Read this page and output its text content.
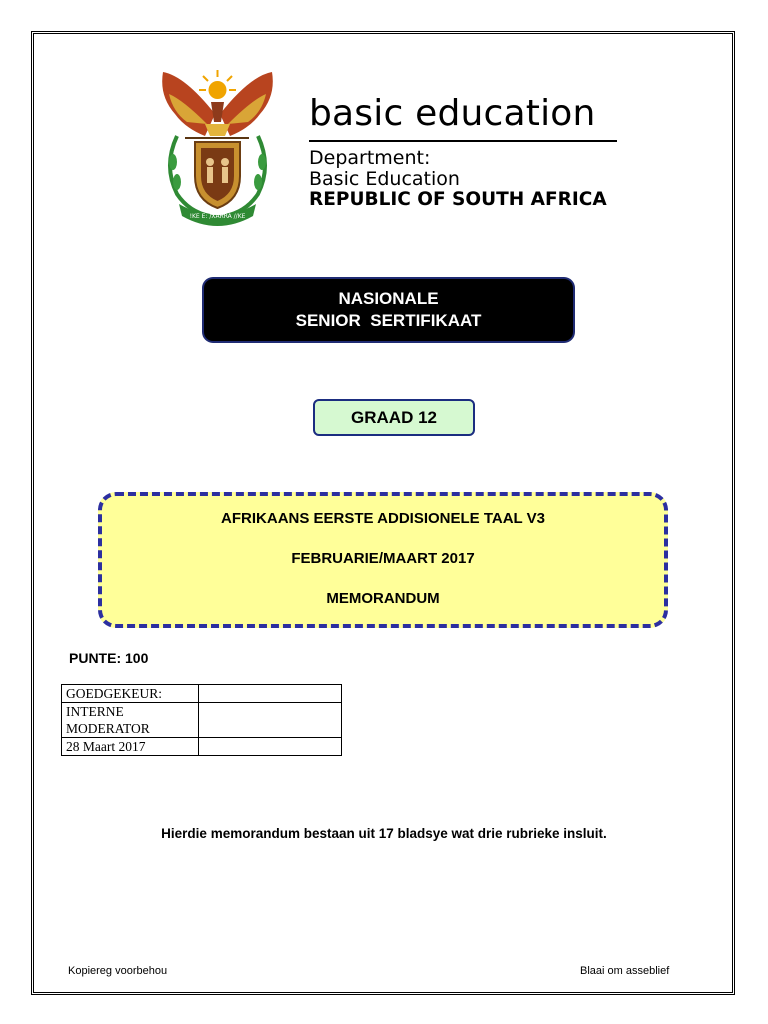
!KE E: /XARRA //KE
basic education
Department:
Basic Education
REPUBLIC OF SOUTH AFRICA
NASIONALE
SENIOR  SERTIFIKAAT
GRAAD 12
AFRIKAANS EERSTE ADDISIONELE TAAL V3
FEBRUARIE/MAART 2017
MEMORANDUM
PUNTE: 100
GOEDGEKEUR:	

INTERNE
MODERATOR	

28 Maart 2017	
Hierdie memorandum bestaan uit 17 bladsye wat drie rubrieke insluit.
Kopiereg voorbehou	Blaai om asseblief
